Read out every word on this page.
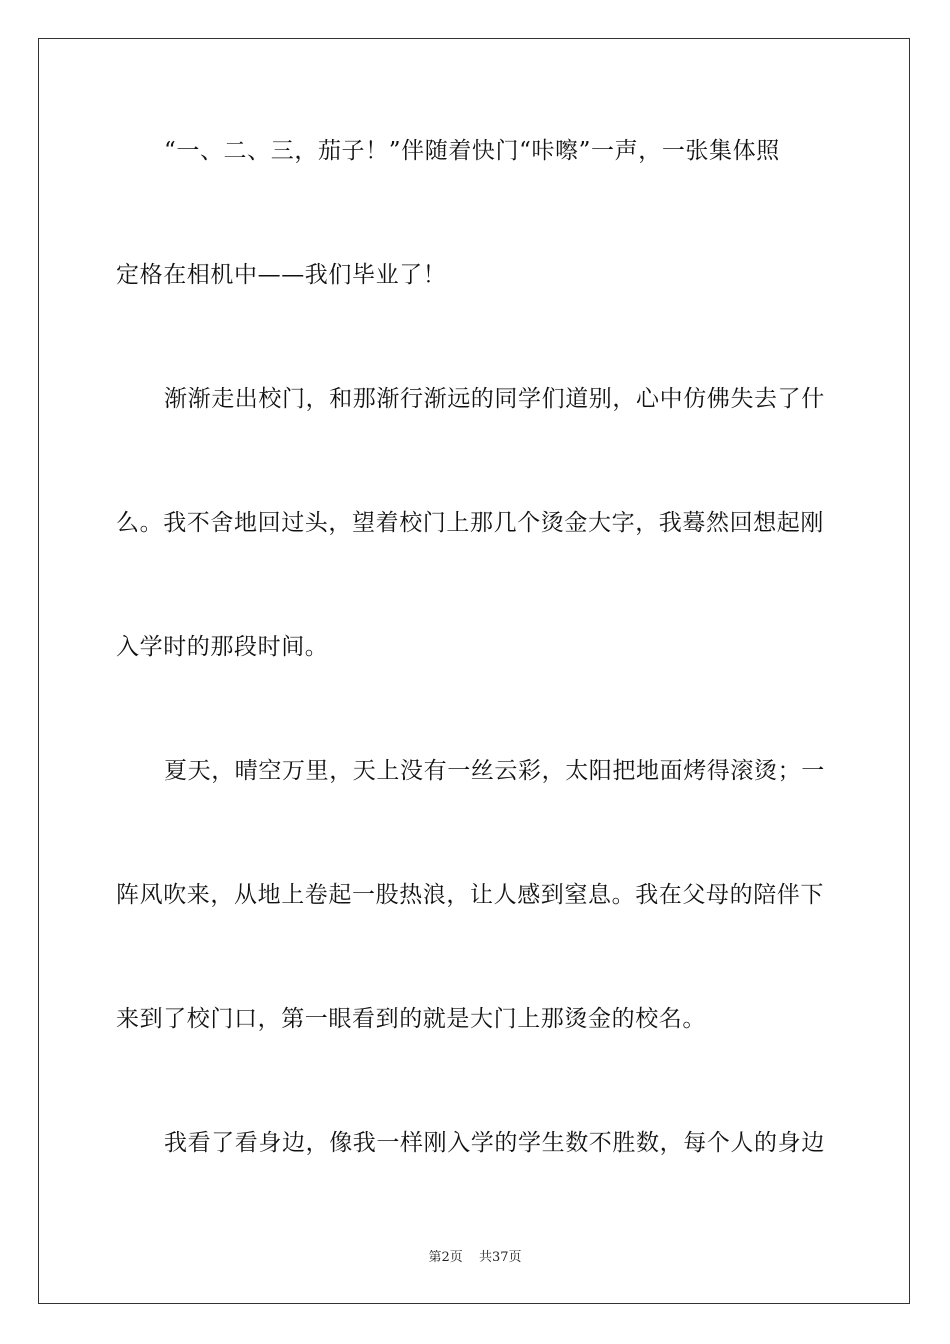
“一、二、三，茄子！”伴随着快门“咔嚓”一声，一张集体照
定格在相机中——我们毕业了！
渐渐走出校门，和那渐行渐远的同学们道别，心中仿佛失去了什
么。我不舍地回过头，望着校门上那几个烫金大字，我蓦然回想起刚
入学时的那段时间。
夏天，晴空万里，天上没有一丝云彩，太阳把地面烤得滚烫；一
阵风吹来，从地上卷起一股热浪，让人感到窒息。我在父母的陪伴下
来到了校门口，第一眼看到的就是大门上那烫金的校名。
我看了看身边，像我一样刚入学的学生数不胜数，每个人的身边
第2页 共37页
